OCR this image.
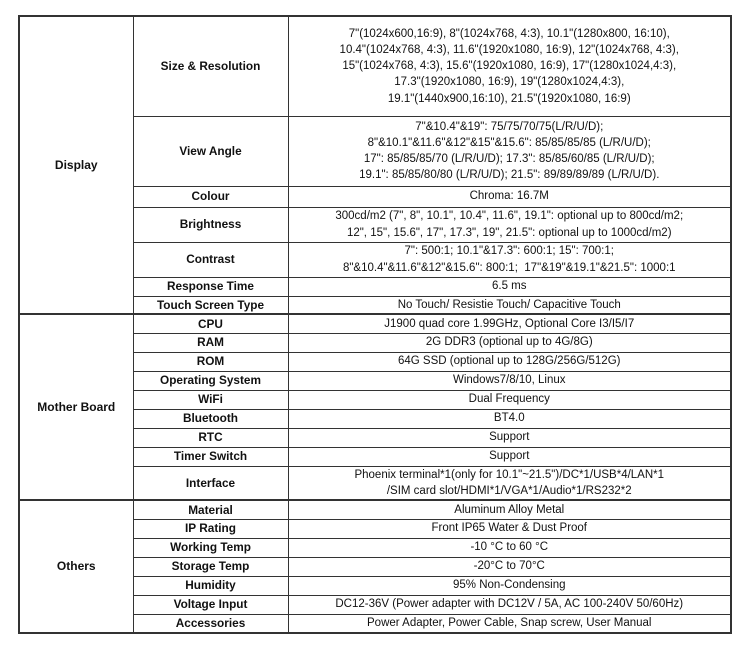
Display	Size & Resolution	7"(1024x600,16:9), 8"(1024x768, 4:3), 10.1"(1280x800, 16:10),
10.4"(1024x768, 4:3), 11.6"(1920x1080, 16:9), 12"(1024x768, 4:3),
15"(1024x768, 4:3), 15.6"(1920x1080, 16:9), 17"(1280x1024,4:3),
17.3"(1920x1080, 16:9), 19"(1280x1024,4:3),
19.1"(1440x900,16:10), 21.5"(1920x1080, 16:9)

	View Angle	7"&10.4"&19": 75/75/70/75(L/R/U/D);
8"&10.1"&11.6"&12"&15"&15.6": 85/85/85/85 (L/R/U/D);
17": 85/85/85/70 (L/R/U/D); 17.3": 85/85/60/85 (L/R/U/D);
19.1": 85/85/80/80 (L/R/U/D); 21.5": 89/89/89/89 (L/R/U/D).

	Colour	Chroma: 16.7M

	Brightness	300cd/m2 (7", 8", 10.1", 10.4", 11.6", 19.1": optional up to 800cd/m2;
12", 15", 15.6", 17", 17.3", 19", 21.5": optional up to 1000cd/m2)

	Contrast	7": 500:1; 10.1"&17.3": 600:1; 15": 700:1;
8"&10.4"&11.6"&12"&15.6": 800:1;  17"&19"&19.1"&21.5": 1000:1

	Response Time	6.5 ms

	Touch Screen Type	No Touch/ Resistie Touch/ Capacitive Touch

Mother Board	CPU	J1900 quad core 1.99GHz, Optional Core I3/I5/I7

	RAM	2G DDR3 (optional up to 4G/8G)

	ROM	64G SSD (optional up to 128G/256G/512G)

	Operating System	Windows7/8/10, Linux

	WiFi	Dual Frequency

	Bluetooth	BT4.0

	RTC	Support

	Timer Switch	Support

	Interface	Phoenix terminal*1(only for 10.1"~21.5")/DC*1/USB*4/LAN*1
/SIM card slot/HDMI*1/VGA*1/Audio*1/RS232*2

Others	Material	Aluminum Alloy Metal

	IP Rating	Front IP65 Water & Dust Proof

	Working Temp	-10 °C to 60 °C

	Storage Temp	-20°C to 70°C

	Humidity	95% Non-Condensing

	Voltage Input	DC12-36V (Power adapter with DC12V / 5A, AC 100-240V 50/60Hz)

	Accessories	Power Adapter, Power Cable, Snap screw, User Manual
